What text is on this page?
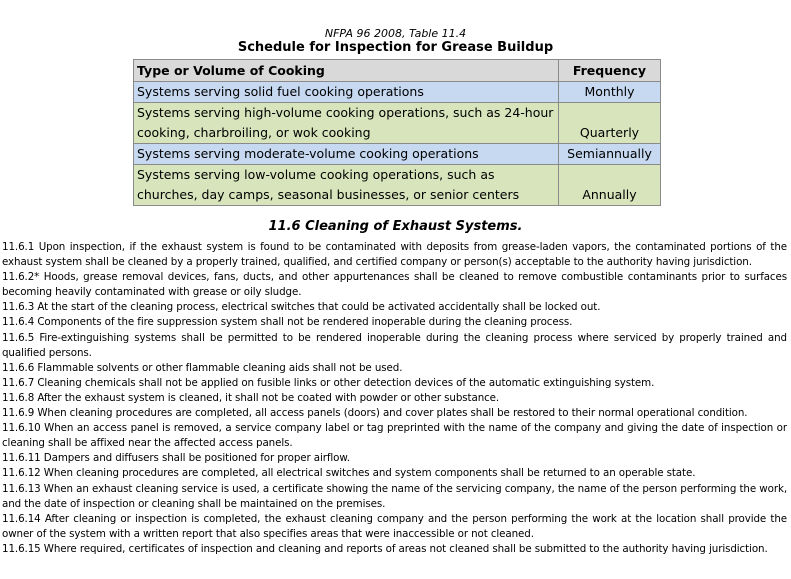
NFPA 96 2008, Table 11.4
Schedule for Inspection for Grease Buildup
Type or Volume of Cooking	Frequency
Systems serving solid fuel cooking operations	Monthly
Systems serving high-volume cooking operations, such as 24-hour cooking, charbroiling, or wok cooking	Quarterly
Systems serving moderate-volume cooking operations	Semiannually
Systems serving low-volume cooking operations, such as churches, day camps, seasonal businesses, or senior centers	Annually
11.6 Cleaning of Exhaust Systems.

11.6.1 Upon inspection, if the exhaust system is found to be contaminated with deposits from grease-laden vapors, the contaminated portions of the exhaust system shall be cleaned by a properly trained, qualified, and certified company or person(s) acceptable to the authority having jurisdiction.

11.6.2* Hoods, grease removal devices, fans, ducts, and other appurtenances shall be cleaned to remove combustible contaminants prior to surfaces becoming heavily contaminated with grease or oily sludge.

11.6.3 At the start of the cleaning process, electrical switches that could be activated accidentally shall be locked out.

11.6.4 Components of the fire suppression system shall not be rendered inoperable during the cleaning process.

11.6.5 Fire-extinguishing systems shall be permitted to be rendered inoperable during the cleaning process where serviced by properly trained and qualified persons.

11.6.6 Flammable solvents or other flammable cleaning aids shall not be used.

11.6.7 Cleaning chemicals shall not be applied on fusible links or other detection devices of the automatic extinguishing system.

11.6.8 After the exhaust system is cleaned, it shall not be coated with powder or other substance.

11.6.9 When cleaning procedures are completed, all access panels (doors) and cover plates shall be restored to their normal operational condition.

11.6.10 When an access panel is removed, a service company label or tag preprinted with the name of the company and giving the date of inspection or cleaning shall be affixed near the affected access panels.

11.6.11 Dampers and diffusers shall be positioned for proper airflow.

11.6.12 When cleaning procedures are completed, all electrical switches and system components shall be returned to an operable state.

11.6.13 When an exhaust cleaning service is used, a certificate showing the name of the servicing company, the name of the person performing the work, and the date of inspection or cleaning shall be maintained on the premises.

11.6.14 After cleaning or inspection is completed, the exhaust cleaning company and the person performing the work at the location shall provide the owner of the system with a written report that also specifies areas that were inaccessible or not cleaned.

11.6.15 Where required, certificates of inspection and cleaning and reports of areas not cleaned shall be submitted to the authority having jurisdiction.
